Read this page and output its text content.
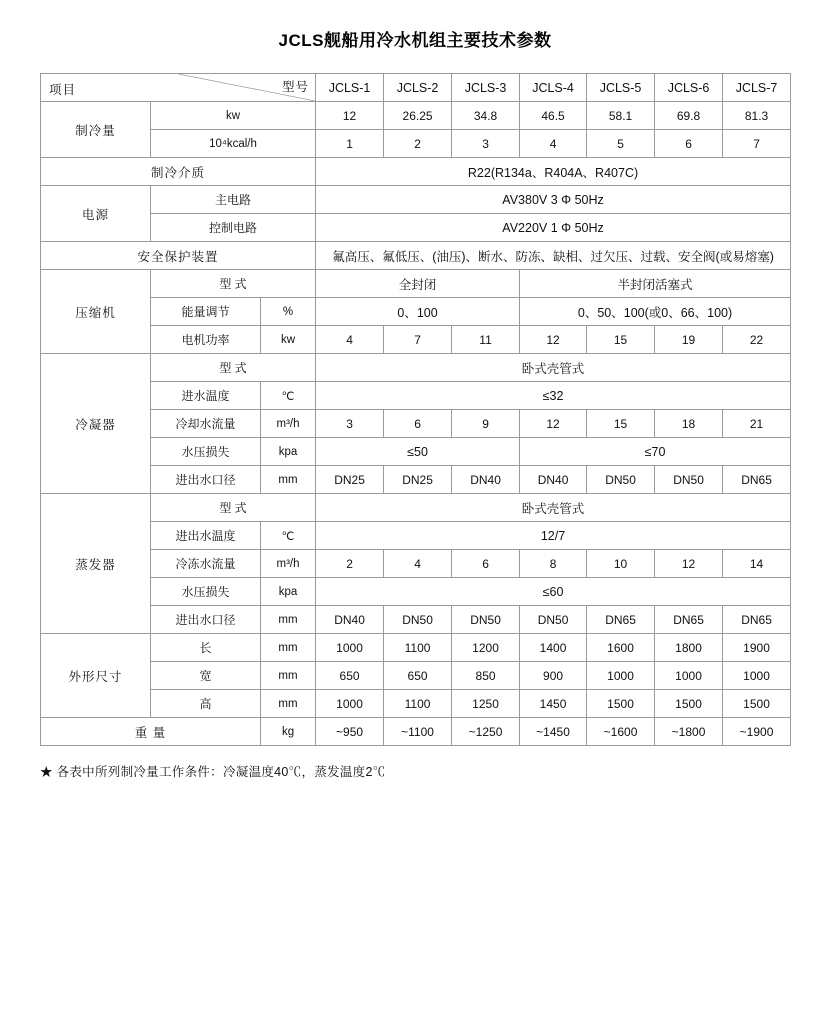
JCLS舰船用冷水机组主要技术参数
项目 型号			JCLS-1	JCLS-2	JCLS-3	JCLS-4	JCLS-5	JCLS-6	JCLS-7
制冷量	kw		12	26.25	34.8	46.5	58.1	69.8	81.3
	10⁴kcal/h		1	2	3	4	5	6	7
制冷介质			R22(R134a、R404A、R407C)						
电源	主电路		AV380V 3 Φ 50Hz						
	控制电路		AV220V 1 Φ 50Hz						
安全保护装置			氟高压、氟低压、(油压)、断水、防冻、缺相、过欠压、过载、安全阀(或易熔塞)						
压缩机	型 式		全封闭			半封闭活塞式			
	能量调节	%	0、100			0、50、100(或0、66、100)			
	电机功率	kw	4	7	11	12	15	19	22
冷凝器	型 式		卧式壳管式						
	进水温度	℃	≤32						
	冷却水流量	m³/h	3	6	9	12	15	18	21
	水压损失	kpa	≤50			≤70			
	进出水口径	mm	DN25	DN25	DN40	DN40	DN50	DN50	DN65
蒸发器	型 式		卧式壳管式						
	进出水温度	℃	12/7						
	冷冻水流量	m³/h	2	4	6	8	10	12	14
	水压损失	kpa	≤60						
	进出水口径	mm	DN40	DN50	DN50	DN50	DN65	DN65	DN65
外形尺寸	长	mm	1000	1100	1200	1400	1600	1800	1900
	宽	mm	650	650	850	900	1000	1000	1000
	高	mm	1000	1100	1250	1450	1500	1500	1500
重 量		kg	~950	~1100	~1250	~1450	~1600	~1800	~1900
★ 各表中所列制冷量工作条件：冷凝温度40℃，蒸发温度2℃
